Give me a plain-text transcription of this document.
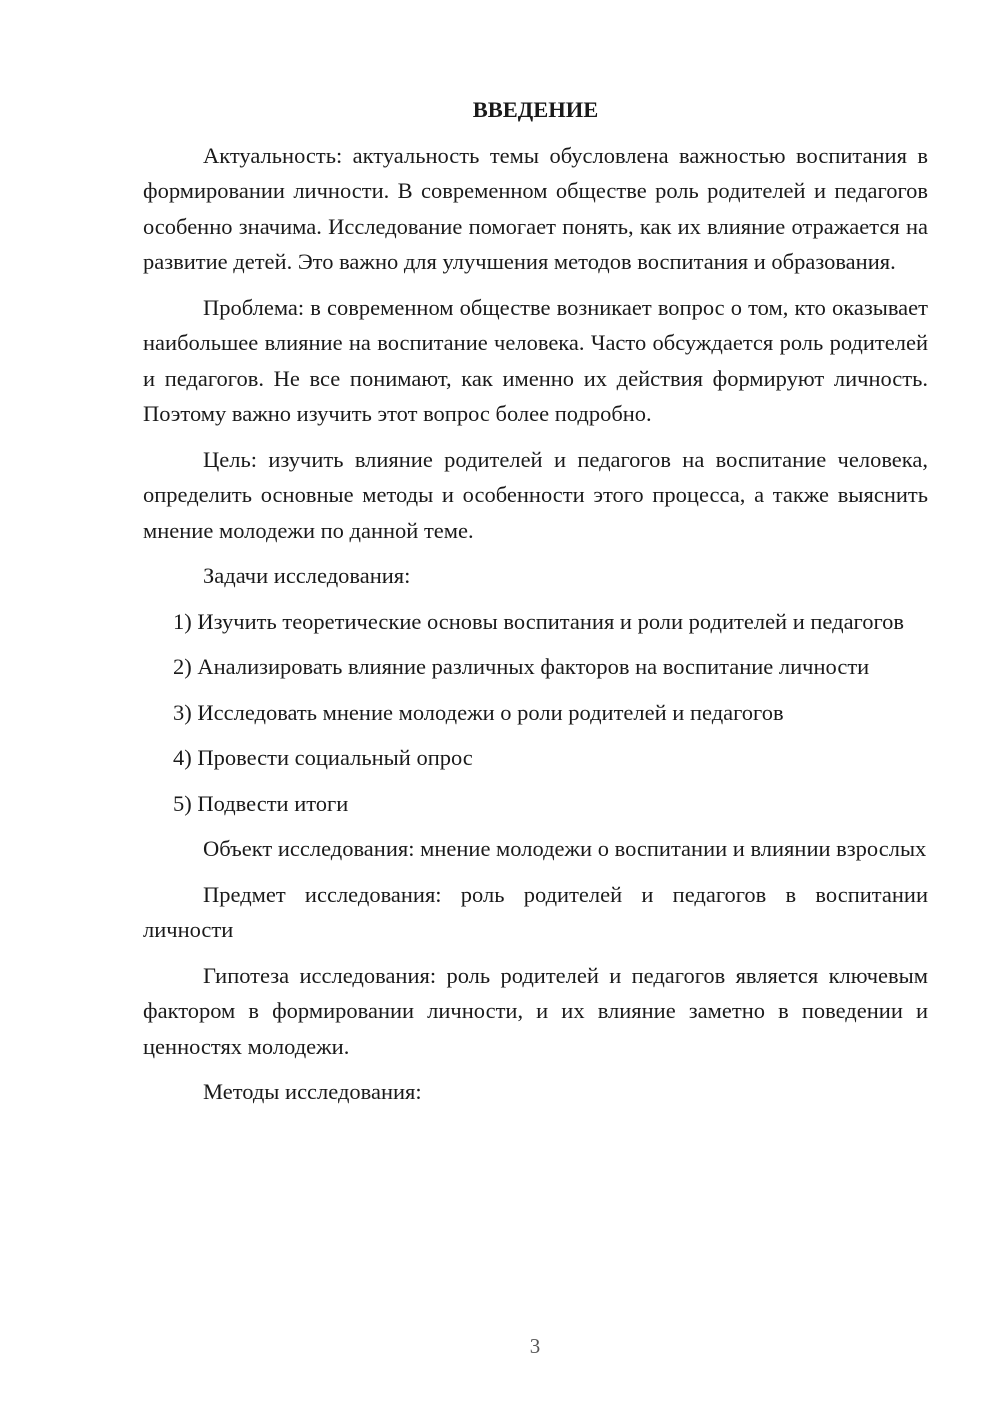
ВВЕДЕНИЕ

Актуальность: актуальность темы обусловлена важностью воспитания в формировании личности. В современном обществе роль родителей и педагогов особенно значима. Исследование помогает понять, как их влияние отражается на развитие детей. Это важно для улучшения методов воспитания и образования.

Проблема: в современном обществе возникает вопрос о том, кто оказывает наибольшее влияние на воспитание человека. Часто обсуждается роль родителей и педагогов. Не все понимают, как именно их действия формируют личность. Поэтому важно изучить этот вопрос более подробно.

Цель: изучить влияние родителей и педагогов на воспитание человека, определить основные методы и особенности этого процесса, а также выяснить мнение молодежи по данной теме.

Задачи исследования:

1) Изучить теоретические основы воспитания и роли родителей и педагогов

2) Анализировать влияние различных факторов на воспитание личности

3) Исследовать мнение молодежи о роли родителей и педагогов

4) Провести социальный опрос

5) Подвести итоги

Объект исследования: мнение молодежи о воспитании и влиянии взрослых

Предмет исследования: роль родителей и педагогов в воспитании личности

Гипотеза исследования: роль родителей и педагогов является ключевым фактором в формировании личности, и их влияние заметно в поведении и ценностях молодежи.

Методы исследования:

3
